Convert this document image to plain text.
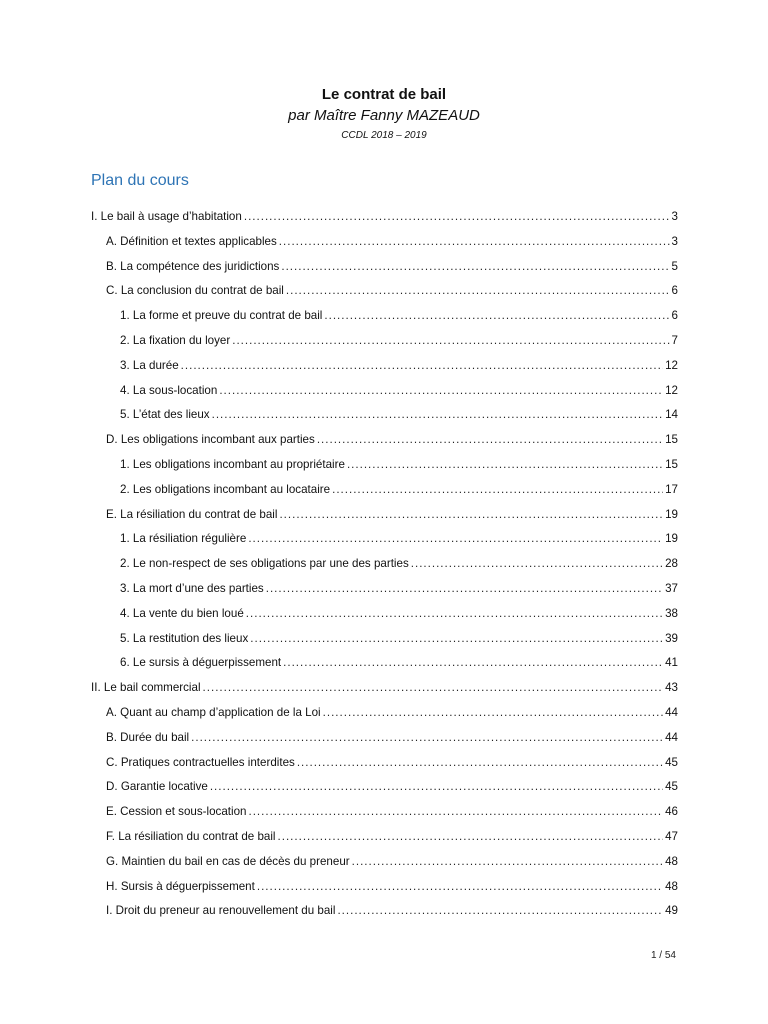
Le contrat de bail
par Maître Fanny MAZEAUD
CCDL 2018 – 2019
Plan du cours
I. Le bail à usage d’habitation .....	3
A. Définition et textes applicables .....	3
B. La compétence des juridictions .....	5
C. La conclusion du contrat de bail .....	6
1. La forme et preuve du contrat de bail .....	6
2. La fixation du loyer .....	7
3. La durée .....	12
4. La sous-location .....	12
5. L’état des lieux .....	14
D. Les obligations incombant aux parties .....	15
1. Les obligations incombant au propriétaire .....	15
2. Les obligations incombant au locataire .....	17
E. La résiliation du contrat de bail .....	19
1. La résiliation régulière .....	19
2. Le non-respect de ses obligations par une des parties .....	28
3. La mort d’une des parties .....	37
4. La vente du bien loué .....	38
5. La restitution des lieux .....	39
6. Le sursis à déguerpissement .....	41
II. Le bail commercial .....	43
A. Quant au champ d’application de la Loi .....	44
B. Durée du bail .....	44
C. Pratiques contractuelles interdites .....	45
D. Garantie locative .....	45
E. Cession et sous-location .....	46
F. La résiliation du contrat de bail .....	47
G. Maintien du bail en cas de décès du preneur .....	48
H. Sursis à déguerpissement .....	48
I. Droit du preneur au renouvellement du bail .....	49
1 / 54
